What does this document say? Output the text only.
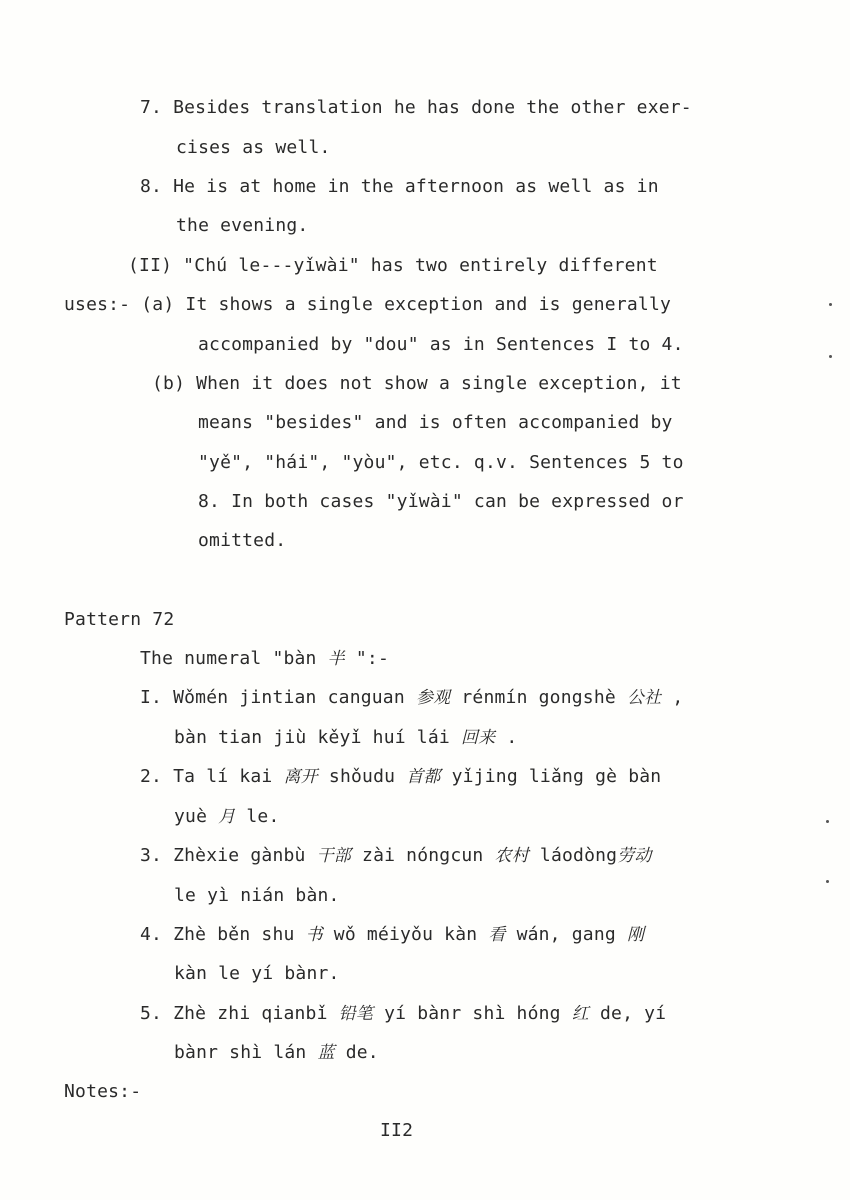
7. Besides translation he has done the other exer-
cises as well.
8. He is at home in the afternoon as well as in
the evening.
(II) "Chú le---yǐwài" has two entirely different
uses:- (a) It shows a single exception and is generally
accompanied by "dou" as in Sentences I to 4.
(b) When it does not show a single exception, it
means "besides" and is often accompanied by
"yě", "hái", "yòu", etc. q.v. Sentences 5 to
8. In both cases "yǐwài" can be expressed or
omitted.
Pattern 72
The numeral "bàn 半 ":-
I. Wǒmén jintian canguan 参观 rénmín gongshè 公社 ,
bàn tian jiù kěyǐ huí lái 回来 .
2. Ta lí kai 离开 shǒudu 首都 yǐjing liǎng gè bàn
yuè 月 le.
3. Zhèxie gànbù 干部 zài nóngcun 农村 láodòng劳动
le yì nián bàn.
4. Zhè běn shu 书 wǒ méiyǒu kàn 看 wán, gang 刚
kàn le yí bànr.
5. Zhè zhi qianbǐ 铅笔 yí bànr shì hóng 红 de, yí
bànr shì lán 蓝 de.
Notes:-
II2
